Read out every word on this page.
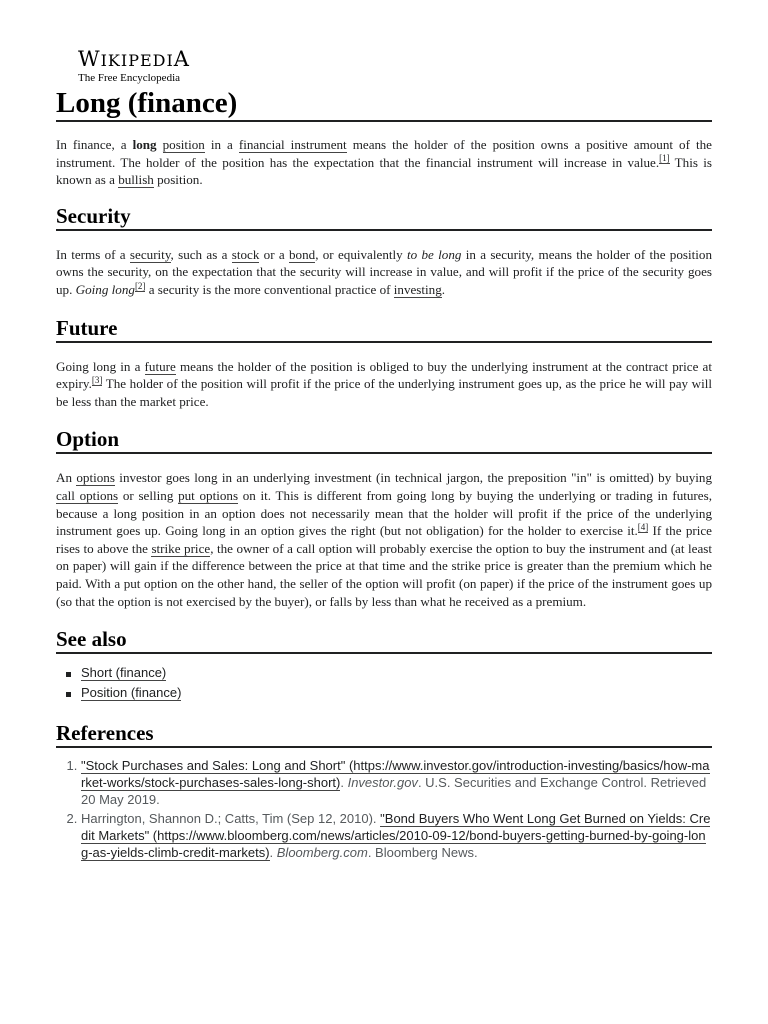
WIKIPEDIA
The Free Encyclopedia
Long (finance)

In finance, a long position in a financial instrument means the holder of the position owns a positive amount of the instrument. The holder of the position has the expectation that the financial instrument will increase in value.[1] This is known as a bullish position.

Security

In terms of a security, such as a stock or a bond, or equivalently to be long in a security, means the holder of the position owns the security, on the expectation that the security will increase in value, and will profit if the price of the security goes up. Going long[2] a security is the more conventional practice of investing.

Future

Going long in a future means the holder of the position is obliged to buy the underlying instrument at the contract price at expiry.[3] The holder of the position will profit if the price of the underlying instrument goes up, as the price he will pay will be less than the market price.

Option

An options investor goes long in an underlying investment (in technical jargon, the preposition "in" is omitted) by buying call options or selling put options on it. This is different from going long by buying the underlying or trading in futures, because a long position in an option does not necessarily mean that the holder will profit if the price of the underlying instrument goes up. Going long in an option gives the right (but not obligation) for the holder to exercise it.[4] If the price rises to above the strike price, the owner of a call option will probably exercise the option to buy the instrument and (at least on paper) will gain if the difference between the price at that time and the strike price is greater than the premium which he paid. With a put option on the other hand, the seller of the option will profit (on paper) if the price of the instrument goes up (so that the option is not exercised by the buyer), or falls by less than what he received as a premium.

See also
Short (finance)
Position (finance)
References
1. "Stock Purchases and Sales: Long and Short" (https://www.investor.gov/introduction-investing/basics/how-market-works/stock-purchases-sales-long-short). Investor.gov. U.S. Securities and Exchange Control. Retrieved 20 May 2019.
2. Harrington, Shannon D.; Catts, Tim (Sep 12, 2010). "Bond Buyers Who Went Long Get Burned on Yields: Credit Markets" (https://www.bloomberg.com/news/articles/2010-09-12/bond-buyers-getting-burned-by-going-long-as-yields-climb-credit-markets). Bloomberg.com. Bloomberg News.
